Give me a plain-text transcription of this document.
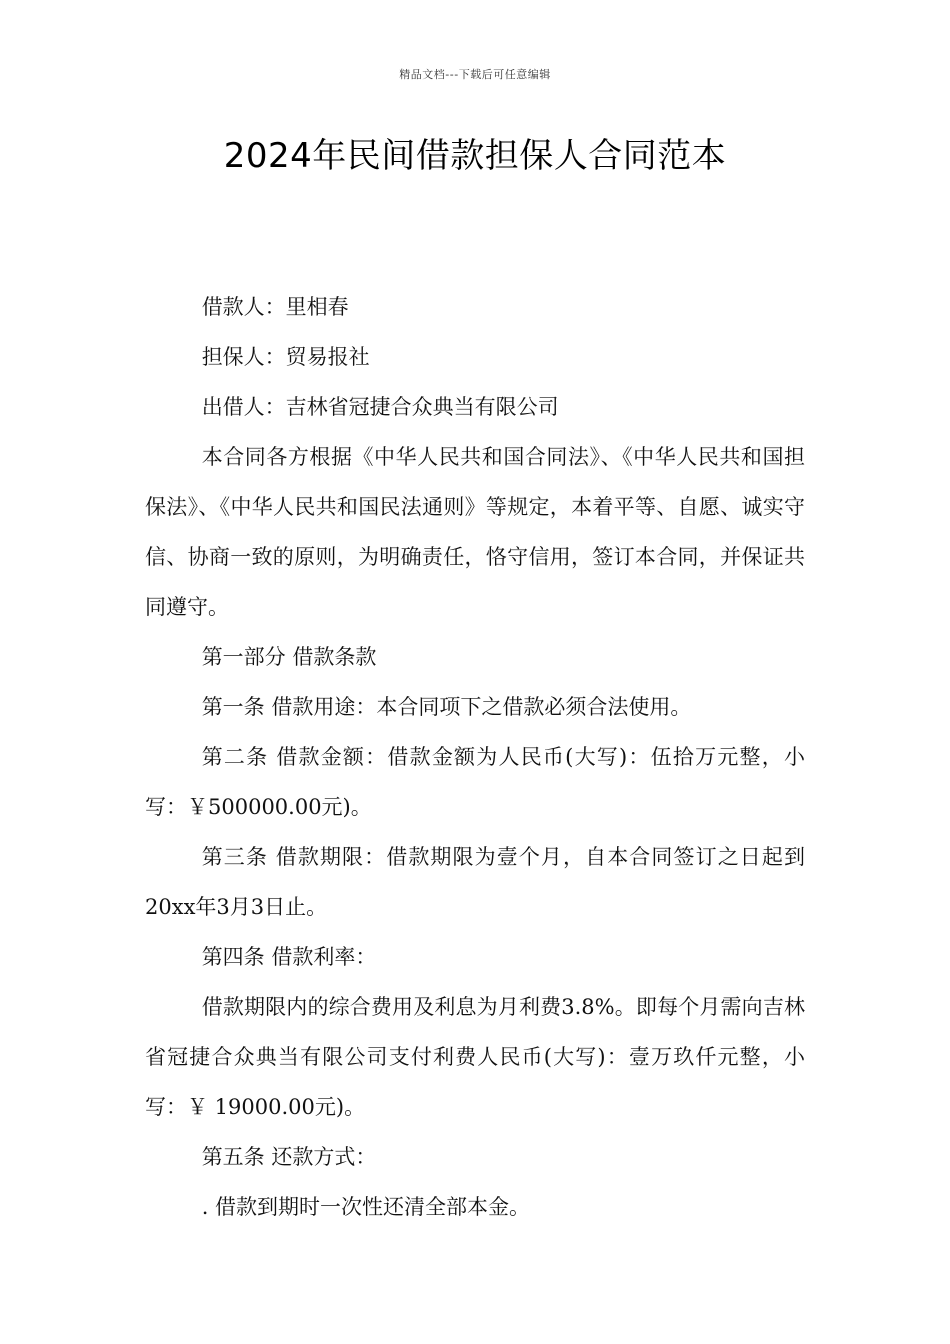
精品文档---下载后可任意编辑
2024年民间借款担保人合同范本

借款人：里相春

担保人：贸易报社

出借人：吉林省冠捷合众典当有限公司

本合同各方根据《中华人民共和国合同法》、《中华人民共和国担保法》、《中华人民共和国民法通则》等规定，本着平等、自愿、诚实守信、协商一致的原则，为明确责任，恪守信用，签订本合同，并保证共同遵守。

第一部分 借款条款

第一条 借款用途：本合同项下之借款必须合法使用。

第二条 借款金额：借款金额为人民币(大写)：伍拾万元整，小写：￥500000.00元)。

第三条 借款期限：借款期限为壹个月，自本合同签订之日起到20xx年3月3日止。

第四条 借款利率：

借款期限内的综合费用及利息为月利费3.8%。即每个月需向吉林省冠捷合众典当有限公司支付利费人民币(大写)：壹万玖仟元整，小写：￥ 19000.00元)。

第五条 还款方式：

. 借款到期时一次性还清全部本金。
